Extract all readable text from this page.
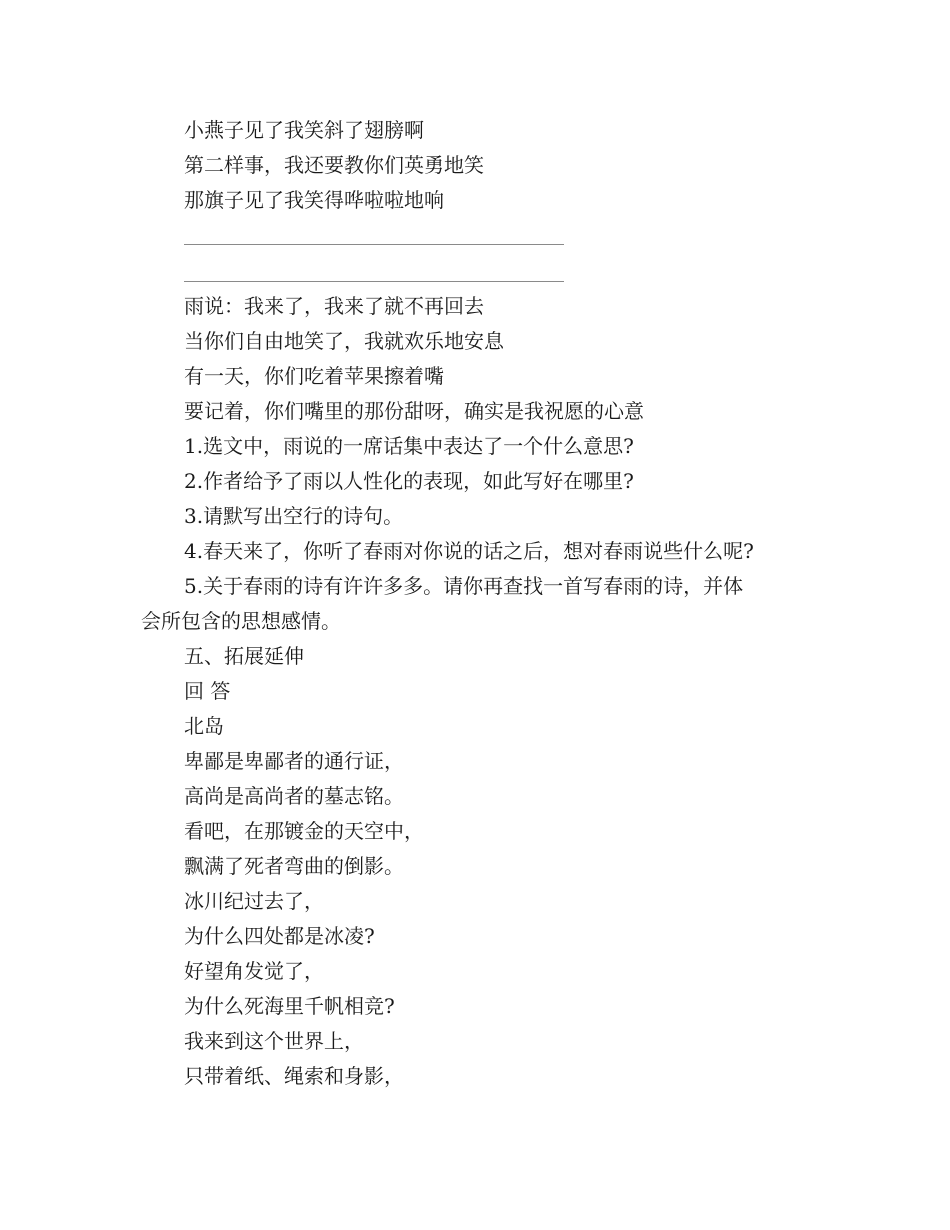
小燕子见了我笑斜了翅膀啊
第二样事，我还要教你们英勇地笑
那旗子见了我笑得哗啦啦地响
雨说：我来了，我来了就不再回去
当你们自由地笑了，我就欢乐地安息
有一天，你们吃着苹果擦着嘴
要记着，你们嘴里的那份甜呀，确实是我祝愿的心意
1.选文中，雨说的一席话集中表达了一个什么意思?
2.作者给予了雨以人性化的表现，如此写好在哪里?
3.请默写出空行的诗句。
4.春天来了，你听了春雨对你说的话之后，想对春雨说些什么呢?
5.关于春雨的诗有许许多多。请你再查找一首写春雨的诗，并体
会所包含的思想感情。
五、拓展延伸
回 答
北岛
卑鄙是卑鄙者的通行证，
高尚是高尚者的墓志铭。
看吧，在那镀金的天空中，
飘满了死者弯曲的倒影。
冰川纪过去了，
为什么四处都是冰凌?
好望角发觉了，
为什么死海里千帆相竞?
我来到这个世界上，
只带着纸、绳索和身影，
